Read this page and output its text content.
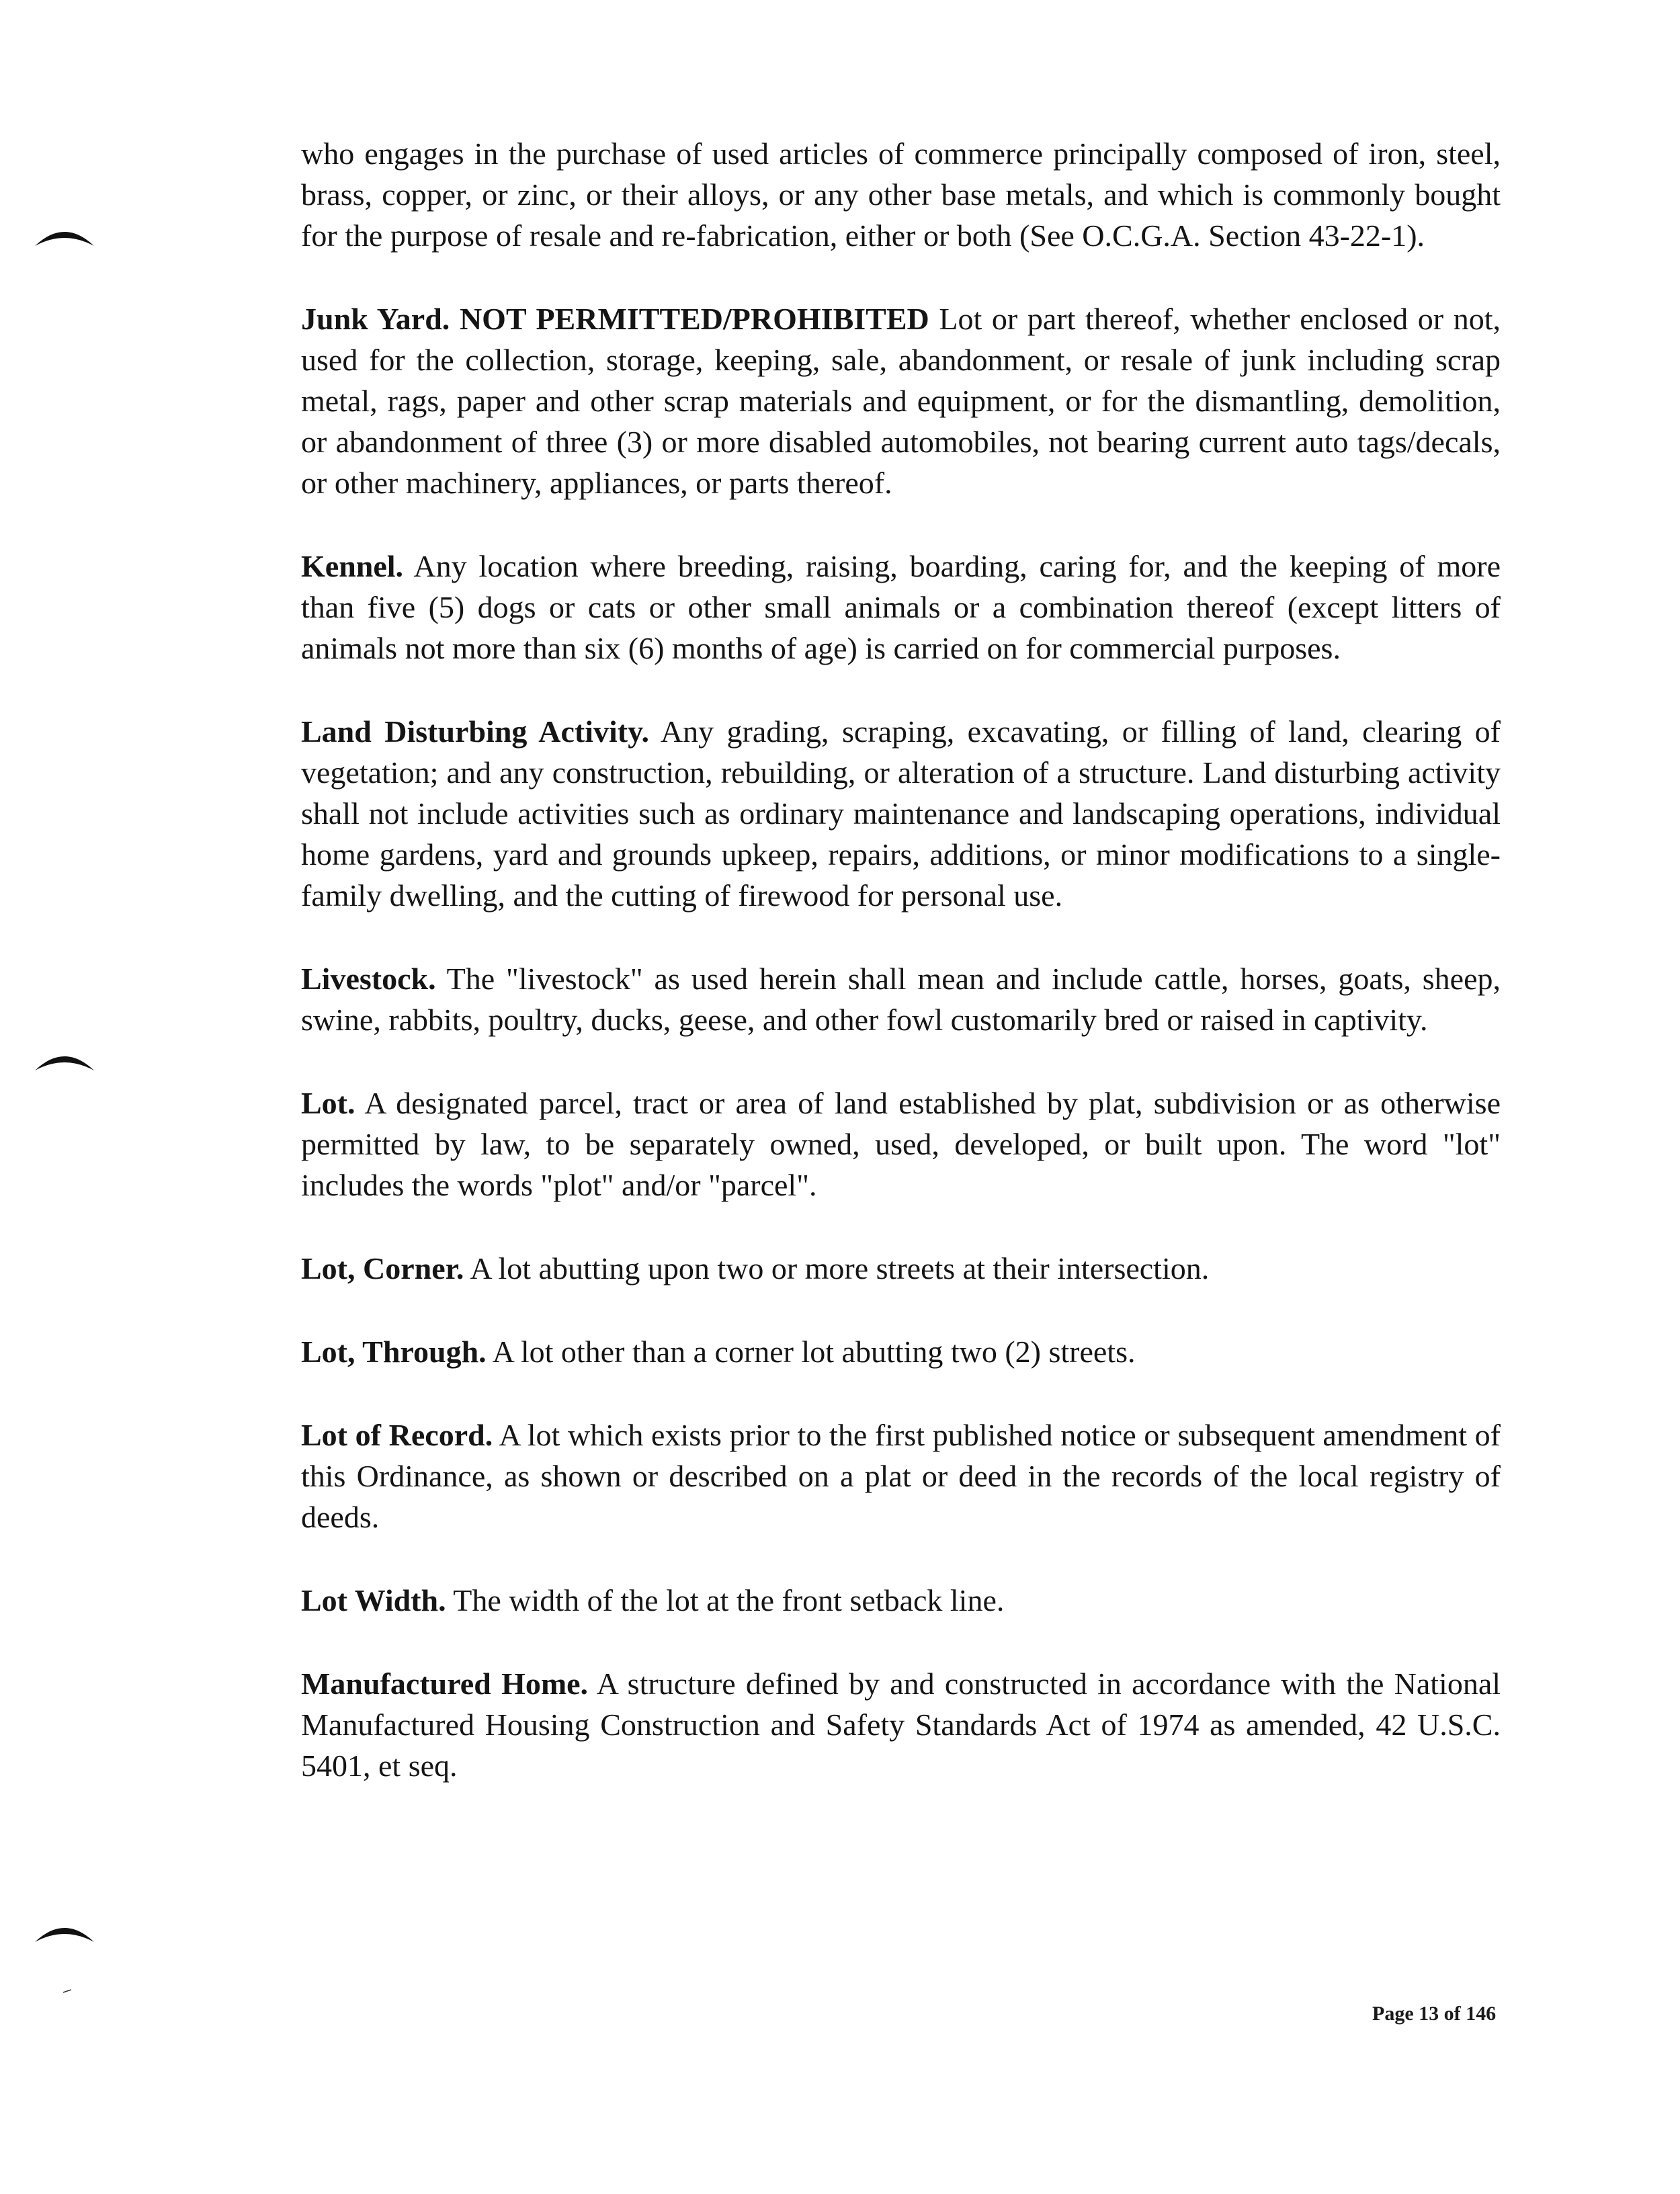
who engages in the purchase of used articles of commerce principally composed of iron, steel, brass, copper, or zinc, or their alloys, or any other base metals, and which is commonly bought for the purpose of resale and re-fabrication, either or both (See O.C.G.A. Section 43-22-1).

Junk Yard. NOT PERMITTED/PROHIBITED Lot or part thereof, whether enclosed or not, used for the collection, storage, keeping, sale, abandonment, or resale of junk including scrap metal, rags, paper and other scrap materials and equipment, or for the dismantling, demolition, or abandonment of three (3) or more disabled automobiles, not bearing current auto tags/decals, or other machinery, appliances, or parts thereof.

Kennel. Any location where breeding, raising, boarding, caring for, and the keeping of more than five (5) dogs or cats or other small animals or a combination thereof (except litters of animals not more than six (6) months of age) is carried on for commercial purposes.

Land Disturbing Activity. Any grading, scraping, excavating, or filling of land, clearing of vegetation; and any construction, rebuilding, or alteration of a structure. Land disturbing activity shall not include activities such as ordinary maintenance and landscaping operations, individual home gardens, yard and grounds upkeep, repairs, additions, or minor modifications to a single-family dwelling, and the cutting of firewood for personal use.

Livestock. The "livestock" as used herein shall mean and include cattle, horses, goats, sheep, swine, rabbits, poultry, ducks, geese, and other fowl customarily bred or raised in captivity.

Lot. A designated parcel, tract or area of land established by plat, subdivision or as otherwise permitted by law, to be separately owned, used, developed, or built upon. The word "lot" includes the words "plot" and/or "parcel".

Lot, Corner. A lot abutting upon two or more streets at their intersection.

Lot, Through. A lot other than a corner lot abutting two (2) streets.

Lot of Record. A lot which exists prior to the first published notice or subsequent amendment of this Ordinance, as shown or described on a plat or deed in the records of the local registry of deeds.

Lot Width. The width of the lot at the front setback line.

Manufactured Home. A structure defined by and constructed in accordance with the National Manufactured Housing Construction and Safety Standards Act of 1974 as amended, 42 U.S.C. 5401, et seq.

Page 13 of 146
